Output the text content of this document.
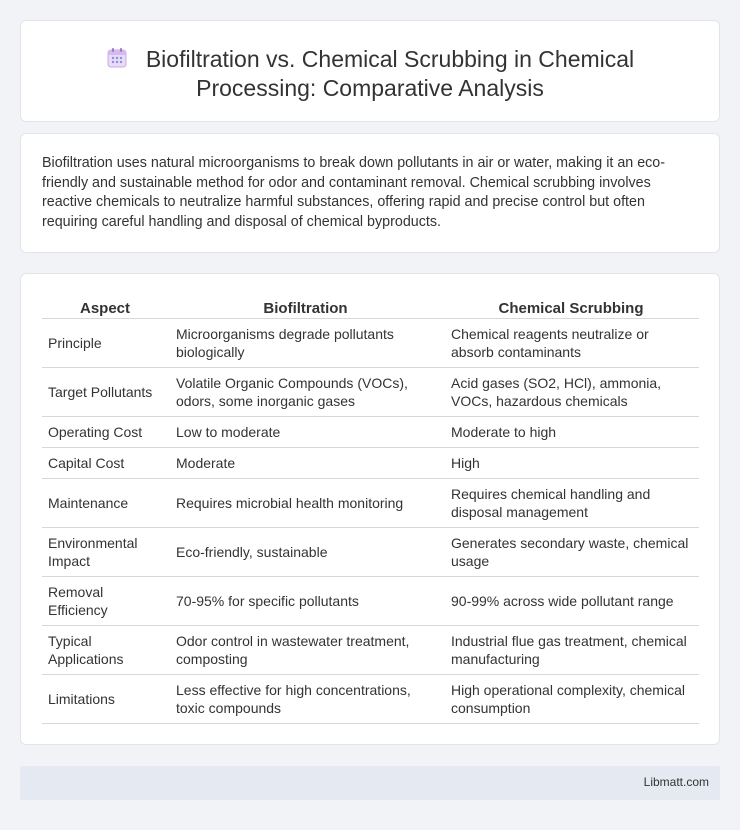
Biofiltration vs. Chemical Scrubbing in Chemical
Processing: Comparative Analysis

Biofiltration uses natural microorganisms to break down pollutants in air or water, making it an eco-friendly and sustainable method for odor and contaminant removal. Chemical scrubbing involves reactive chemicals to neutralize harmful substances, offering rapid and precise control but often requiring careful handling and disposal of chemical byproducts.

Aspect	Biofiltration	Chemical Scrubbing
Principle	Microorganisms degrade pollutants biologically	Chemical reagents neutralize or absorb contaminants
Target Pollutants	Volatile Organic Compounds (VOCs), odors, some inorganic gases	Acid gases (SO2, HCl), ammonia, VOCs, hazardous chemicals
Operating Cost	Low to moderate	Moderate to high
Capital Cost	Moderate	High
Maintenance	Requires microbial health monitoring	Requires chemical handling and disposal management
Environmental Impact	Eco-friendly, sustainable	Generates secondary waste, chemical usage
Removal Efficiency	70-95% for specific pollutants	90-99% across wide pollutant range
Typical Applications	Odor control in wastewater treatment, composting	Industrial flue gas treatment, chemical manufacturing
Limitations	Less effective for high concentrations, toxic compounds	High operational complexity, chemical consumption
Libmatt.com
